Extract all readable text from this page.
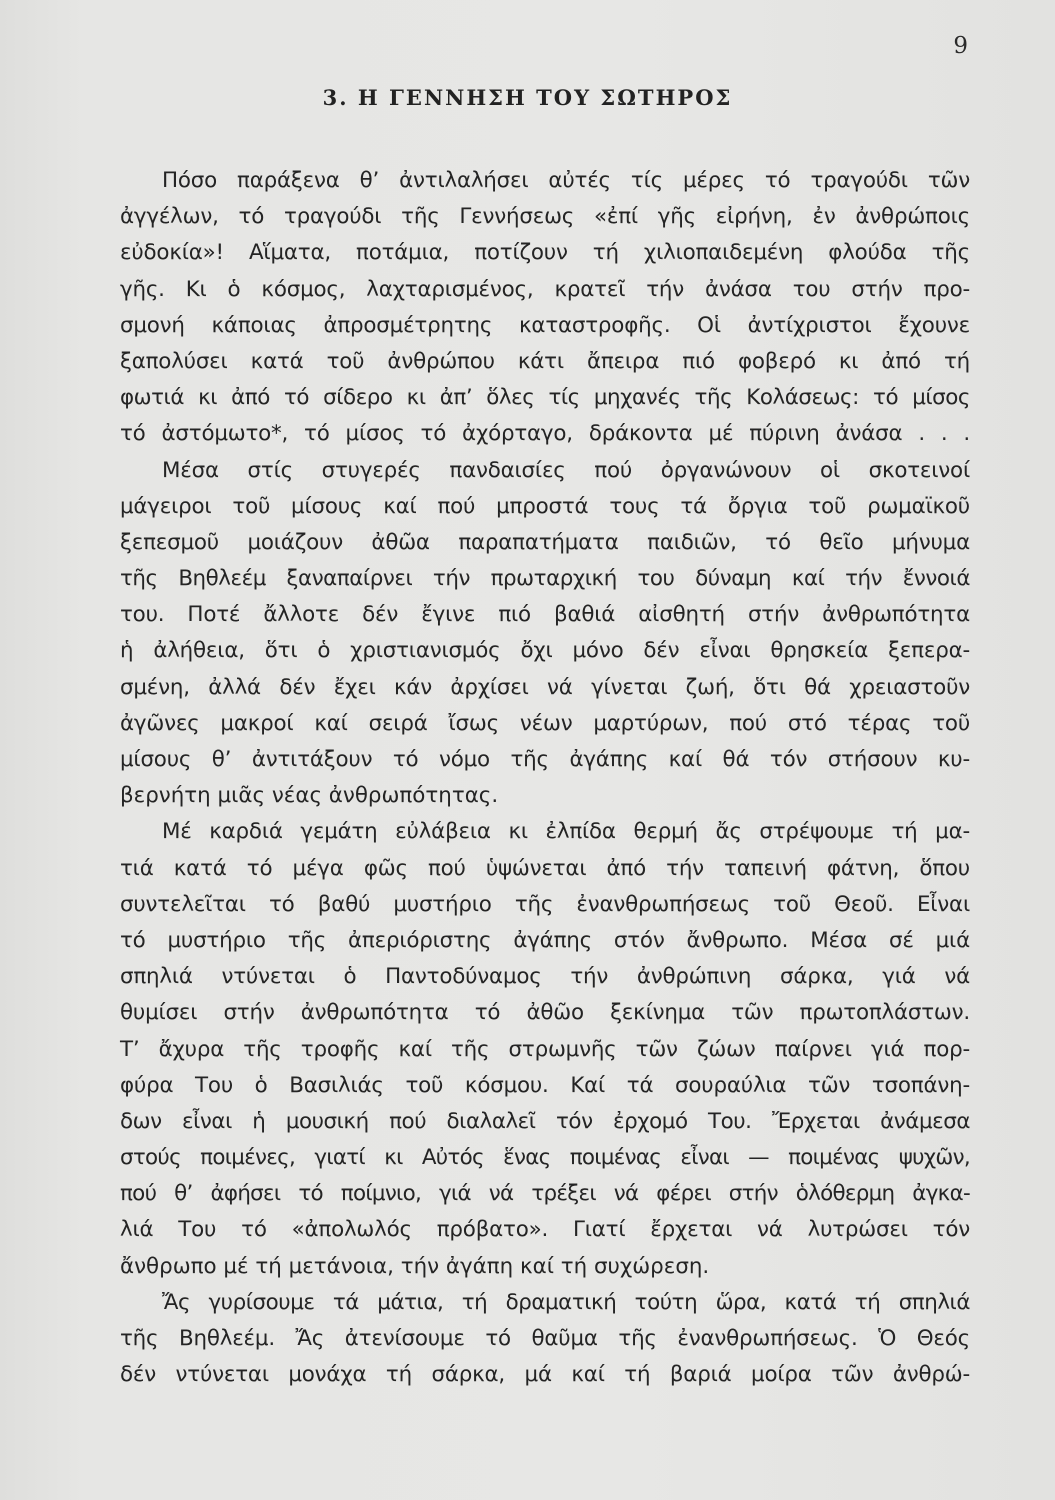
9
3. Η ΓΕΝΝΗΣΗ ΤΟΥ ΣΩΤΗΡΟΣ
Πόσο παράξενα θ’ ἀντιλαλήσει αὐτές τίς μέρες τό τραγούδι τῶν
ἀγγέλων, τό τραγούδι τῆς Γεννήσεως «ἐπί γῆς εἰρήνη, ἐν ἀνθρώποις
εὐδοκία»! Αἵματα, ποτάμια, ποτίζουν τή χιλιοπαιδεμένη φλούδα τῆς
γῆς. Κι ὁ κόσμος, λαχταρισμένος, κρατεῖ τήν ἀνάσα του στήν προ-
σμονή κάποιας ἀπροσμέτρητης καταστροφῆς. Οἱ ἀντίχριστοι ἔχουνε
ξαπολύσει κατά τοῦ ἀνθρώπου κάτι ἄπειρα πιό φοβερό κι ἀπό τή
φωτιά κι ἀπό τό σίδερο κι ἀπ’ ὅλες τίς μηχανές τῆς Κολάσεως: τό μίσος
τό ἀστόμωτο*, τό μίσος τό ἀχόρταγο, δράκοντα μέ πύρινη ἀνάσα . . .
Μέσα στίς στυγερές πανδαισίες πού ὀργανώνουν οἱ σκοτεινοί
μάγειροι τοῦ μίσους καί πού μπροστά τους τά ὄργια τοῦ ρωμαϊκοῦ
ξεπεσμοῦ μοιάζουν ἀθῶα παραπατήματα παιδιῶν, τό θεῖο μήνυμα
τῆς Βηθλεέμ ξαναπαίρνει τήν πρωταρχική του δύναμη καί τήν ἔννοιά
του. Ποτέ ἄλλοτε δέν ἔγινε πιό βαθιά αἰσθητή στήν ἀνθρωπότητα
ἡ ἀλήθεια, ὅτι ὁ χριστιανισμός ὄχι μόνο δέν εἶναι θρησκεία ξεπερα-
σμένη, ἀλλά δέν ἔχει κάν ἀρχίσει νά γίνεται ζωή, ὅτι θά χρειαστοῦν
ἀγῶνες μακροί καί σειρά ἴσως νέων μαρτύρων, πού στό τέρας τοῦ
μίσους θ’ ἀντιτάξουν τό νόμο τῆς ἀγάπης καί θά τόν στήσουν κυ-
βερνήτη μιᾶς νέας ἀνθρωπότητας.
Μέ καρδιά γεμάτη εὐλάβεια κι ἐλπίδα θερμή ἄς στρέψουμε τή μα-
τιά κατά τό μέγα φῶς πού ὑψώνεται ἀπό τήν ταπεινή φάτνη, ὅπου
συντελεῖται τό βαθύ μυστήριο τῆς ἐνανθρωπήσεως τοῦ Θεοῦ. Εἶναι
τό μυστήριο τῆς ἀπεριόριστης ἀγάπης στόν ἄνθρωπο. Μέσα σέ μιά
σπηλιά ντύνεται ὁ Παντοδύναμος τήν ἀνθρώπινη σάρκα, γιά νά
θυμίσει στήν ἀνθρωπότητα τό ἀθῶο ξεκίνημα τῶν πρωτοπλάστων.
Τ’ ἄχυρα τῆς τροφῆς καί τῆς στρωμνῆς τῶν ζώων παίρνει γιά πορ-
φύρα Του ὁ Βασιλιάς τοῦ κόσμου. Καί τά σουραύλια τῶν τσοπάνη-
δων εἶναι ἡ μουσική πού διαλαλεῖ τόν ἐρχομό Του. Ἔρχεται ἀνάμεσα
στούς ποιμένες, γιατί κι Αὐτός ἕνας ποιμένας εἶναι — ποιμένας ψυχῶν,
πού θ’ ἀφήσει τό ποίμνιο, γιά νά τρέξει νά φέρει στήν ὁλόθερμη ἀγκα-
λιά Του τό «ἀπολωλός πρόβατο». Γιατί ἔρχεται νά λυτρώσει τόν
ἄνθρωπο μέ τή μετάνοια, τήν ἀγάπη καί τή συχώρεση.
Ἄς γυρίσουμε τά μάτια, τή δραματική τούτη ὥρα, κατά τή σπηλιά
τῆς Βηθλεέμ. Ἄς ἀτενίσουμε τό θαῦμα τῆς ἐνανθρωπήσεως. Ὁ Θεός
δέν ντύνεται μονάχα τή σάρκα, μά καί τή βαριά μοίρα τῶν ἀνθρώ-
